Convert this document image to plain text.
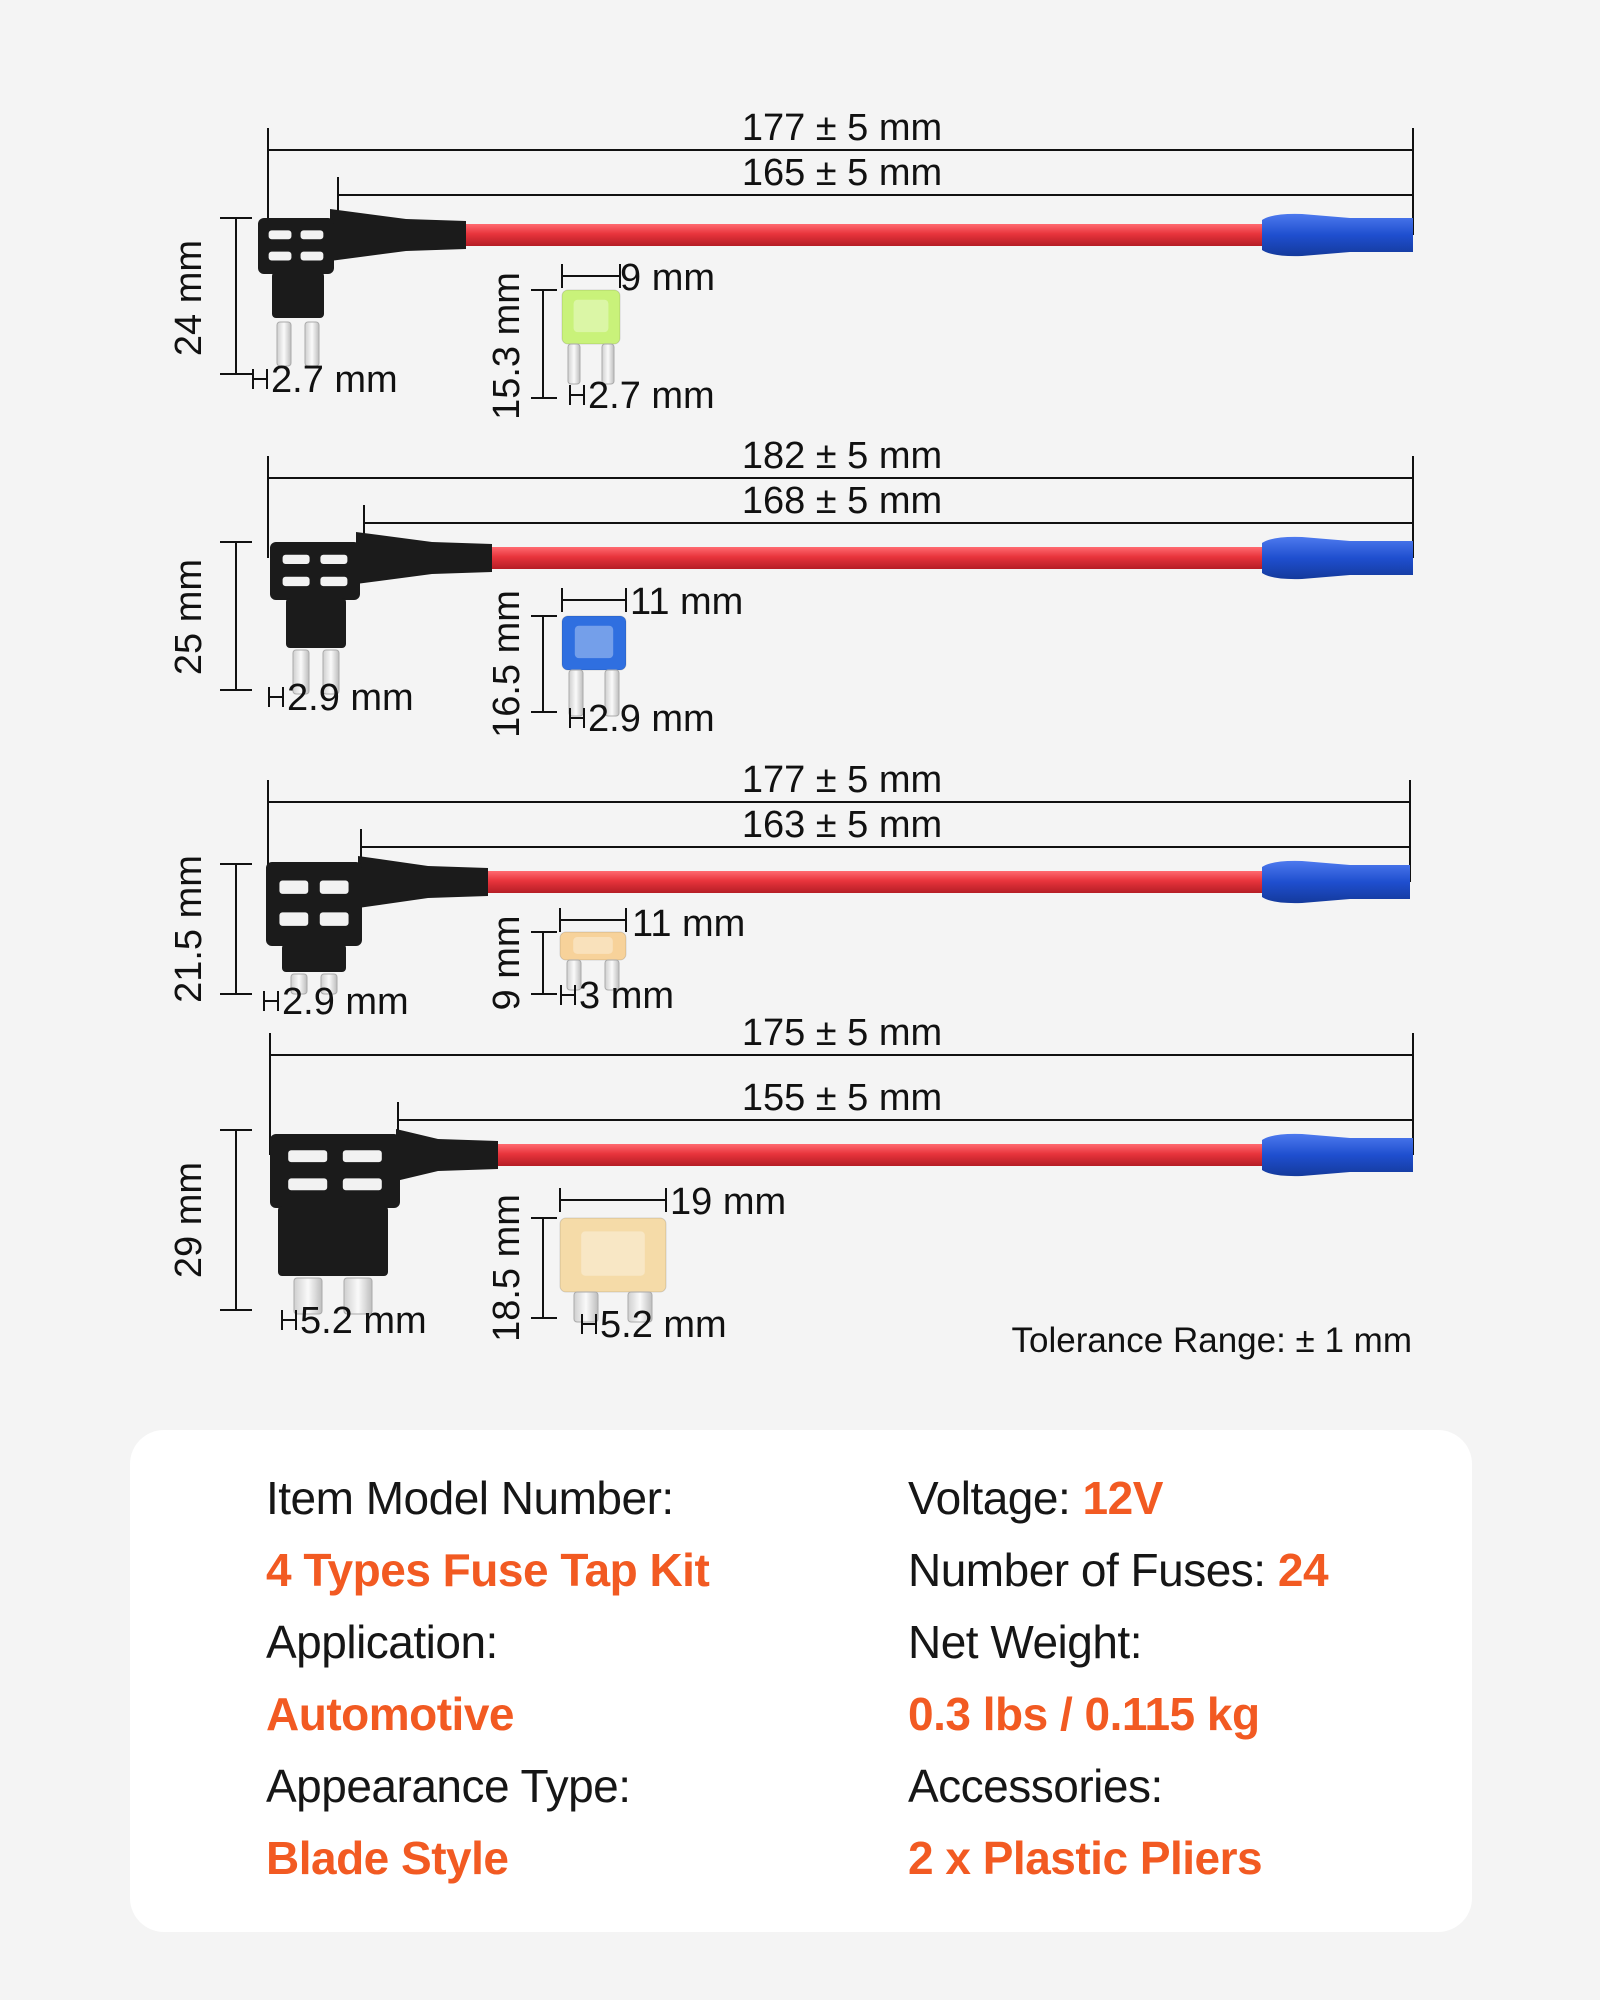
177 ± 5 mm
165 ± 5 mm
24 mm
2.7 mm
9 mm
15.3 mm 2.7 mm
182 ± 5 mm
168 ± 5 mm
25 mm
2.9 mm
11 mm
16.5 mm 2.9 mm
177 ± 5 mm
163 ± 5 mm
21.5 mm 2.9 mm
11 mm
9 mm 3 mm
175 ± 5 mm
155 ± 5 mm
29 mm
5.2 mm
19 mm
18.5 mm 5.2 mm	Tolerance Range: ± 1 mm
Item Model Number:
4 Types Fuse Tap Kit
Application:
Automotive
Appearance Type:
Blade Style
Voltage: 12V
Number of Fuses: 24
Net Weight:
0.3 lbs / 0.115 kg
Accessories:
2 x Plastic Pliers
